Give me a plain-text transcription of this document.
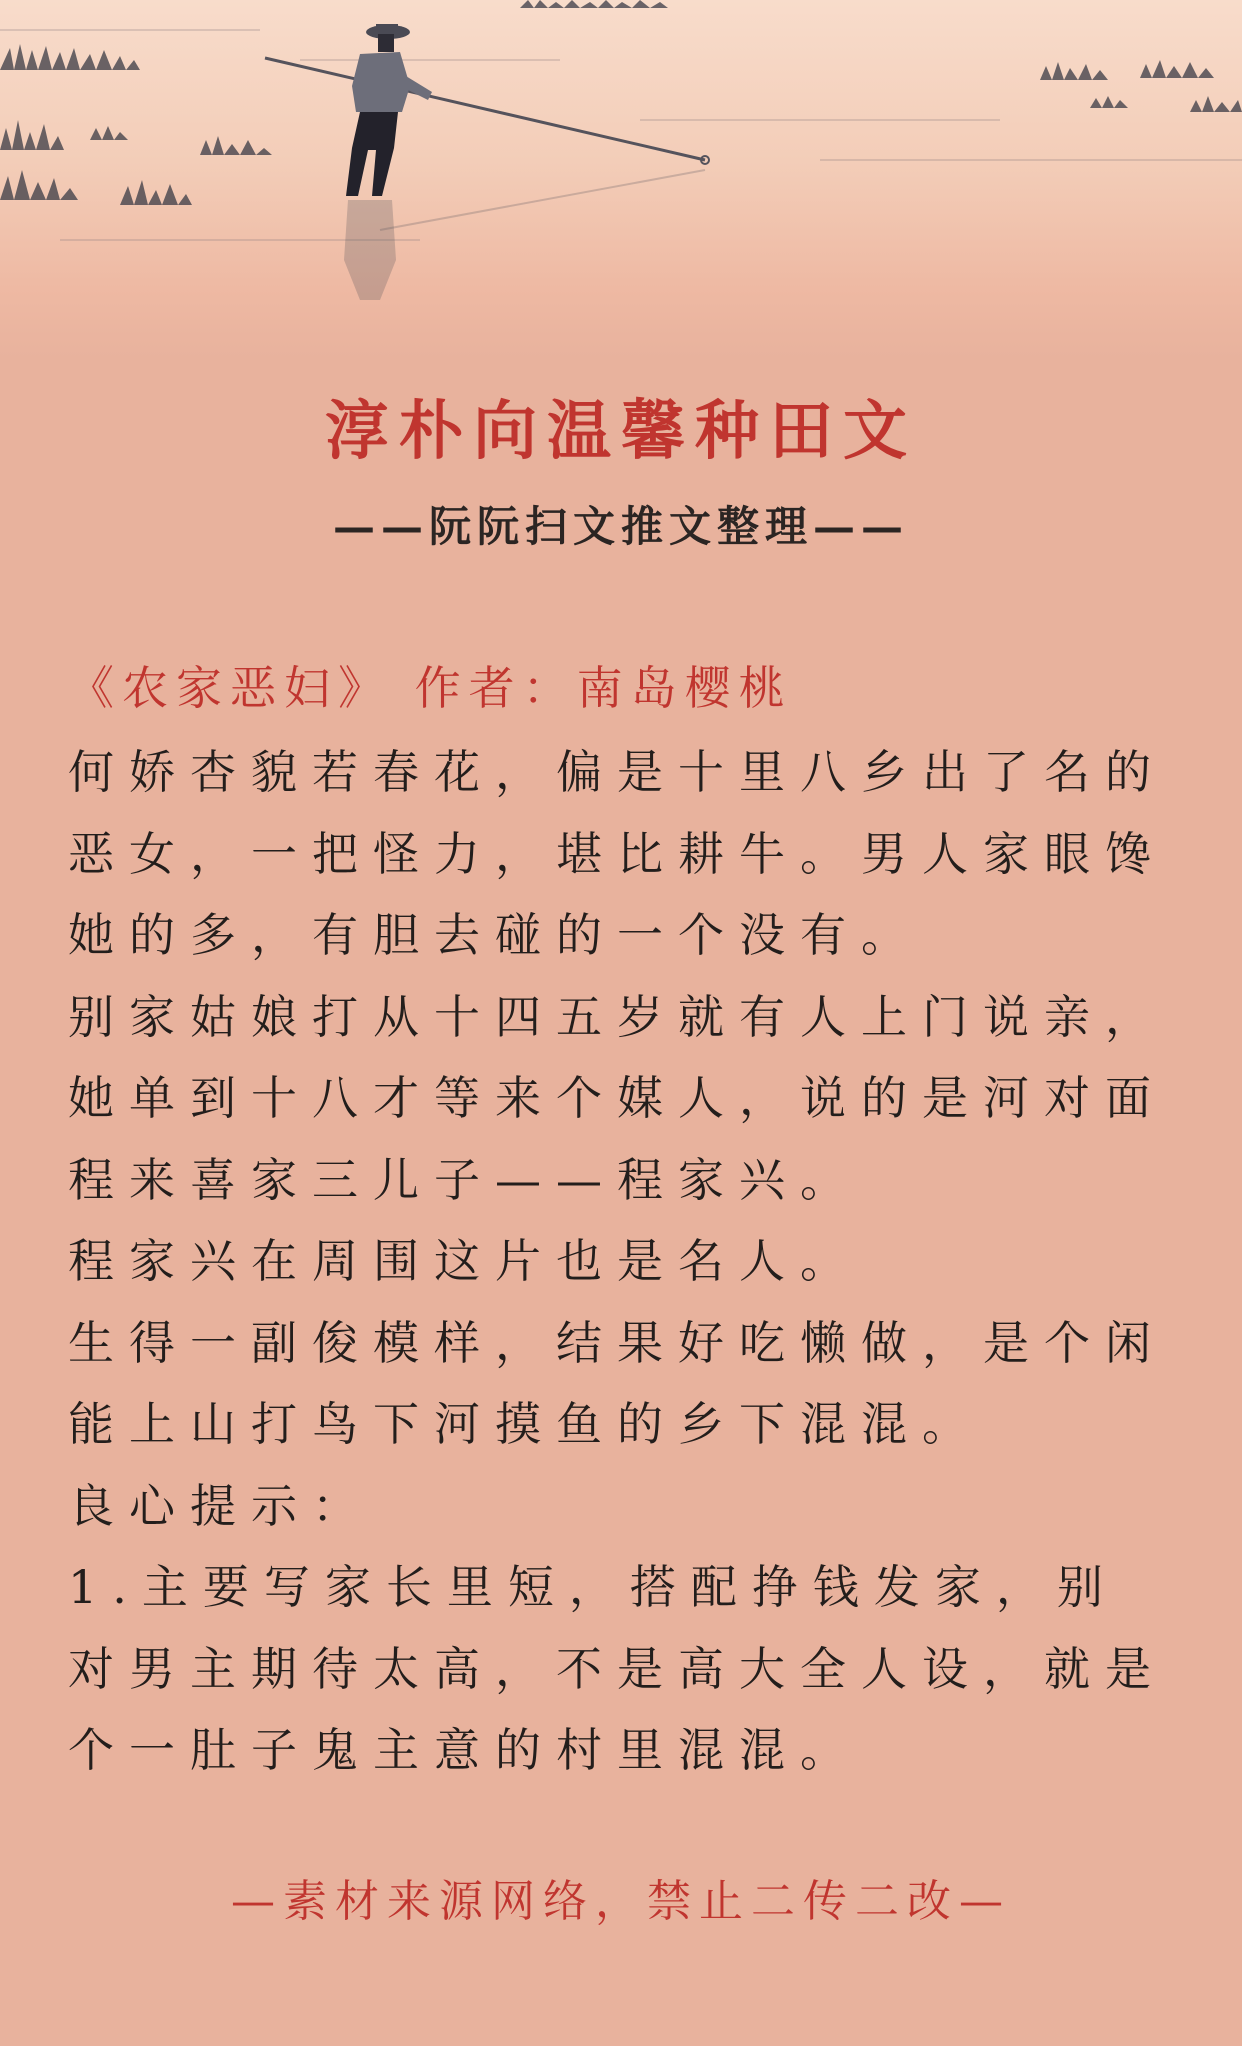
淳朴向温馨种田文
——阮阮扫文推文整理——
《农家恶妇》 作者：南岛樱桃

何娇杏貌若春花，偏是十里八乡出了名的恶女，一把怪力，堪比耕牛。男人家眼馋她的多，有胆去碰的一个没有。

别家姑娘打从十四五岁就有人上门说亲，她单到十八才等来个媒人，说的是河对面程来喜家三儿子——程家兴。

程家兴在周围这片也是名人。

生得一副俊模样，结果好吃懒做，是个闲能上山打鸟下河摸鱼的乡下混混。

良心提示：

1.主要写家长里短，搭配挣钱发家，别对男主期待太高，不是高大全人设，就是个一肚子鬼主意的村里混混。

—素材来源网络，禁止二传二改—
